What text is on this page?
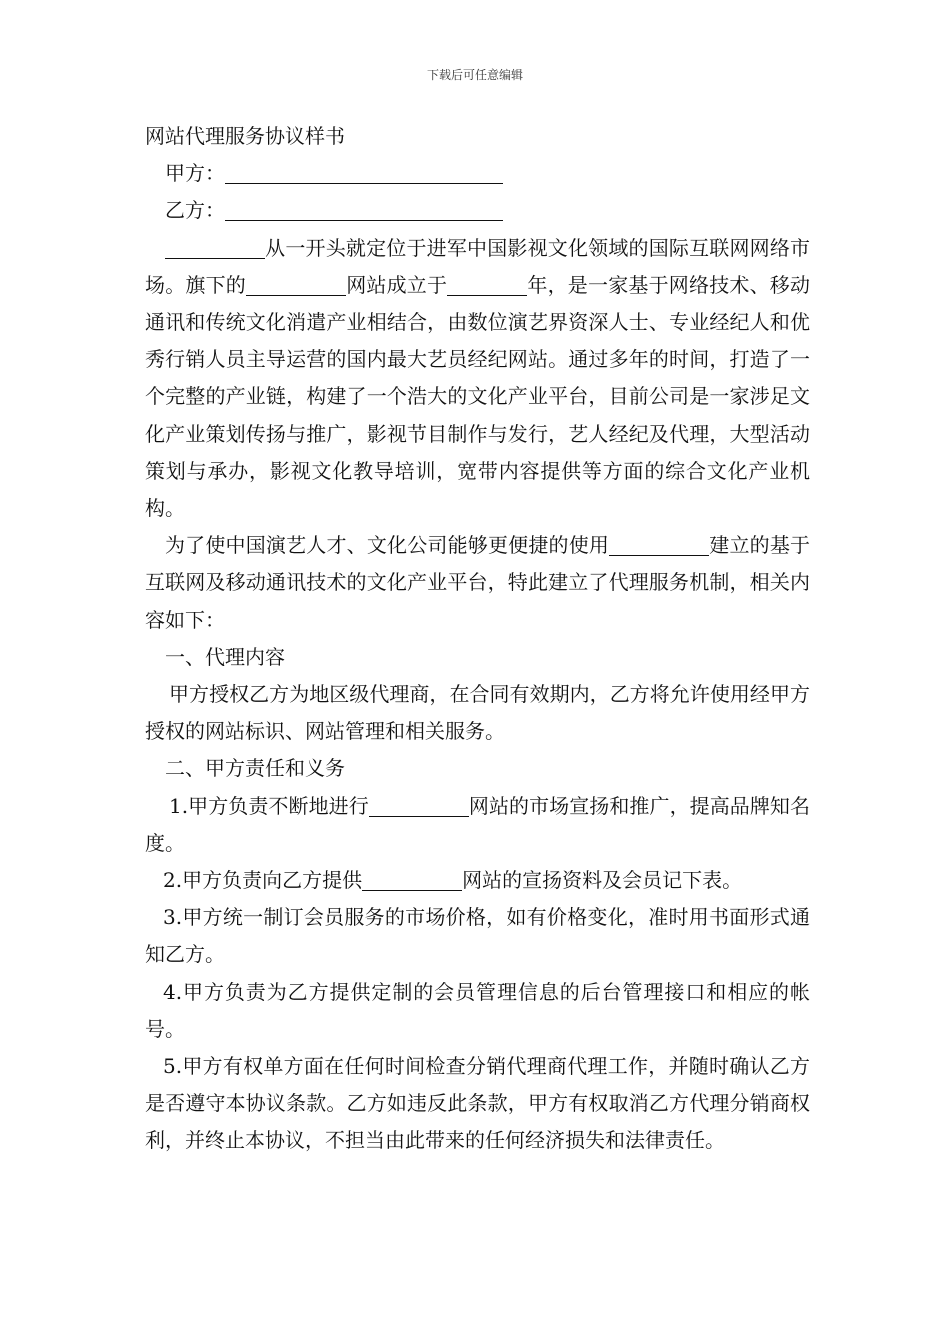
下载后可任意编辑

网站代理服务协议样书

甲方：

乙方：

从一开头就定位于进军中国影视文化领域的国际互联网网络市场。旗下的	网站成立于	年，是一家基于网络技术、移动通讯和传统文化消遣产业相结合，由数位演艺界资深人士、专业经纪人和优秀行销人员主导运营的国内最大艺员经纪网站。通过多年的时间，打造了一个完整的产业链，构建了一个浩大的文化产业平台，目前公司是一家涉足文化产业策划传扬与推广，影视节目制作与发行，艺人经纪及代理，大型活动策划与承办，影视文化教导培训，宽带内容提供等方面的综合文化产业机构。

为了使中国演艺人才、文化公司能够更便捷的使用	建立的基于互联网及移动通讯技术的文化产业平台，特此建立了代理服务机制，相关内容如下：

一、代理内容

甲方授权乙方为地区级代理商，在合同有效期内，乙方将允许使用经甲方授权的网站标识、网站管理和相关服务。

二、甲方责任和义务

1.甲方负责不断地进行	网站的市场宣扬和推广，提高品牌知名度。

2.甲方负责向乙方提供	网站的宣扬资料及会员记下表。

3.甲方统一制订会员服务的市场价格，如有价格变化，准时用书面形式通知乙方。

4.甲方负责为乙方提供定制的会员管理信息的后台管理接口和相应的帐号。

5.甲方有权单方面在任何时间检查分销代理商代理工作，并随时确认乙方是否遵守本协议条款。乙方如违反此条款，甲方有权取消乙方代理分销商权利，并终止本协议，不担当由此带来的任何经济损失和法律责任。
